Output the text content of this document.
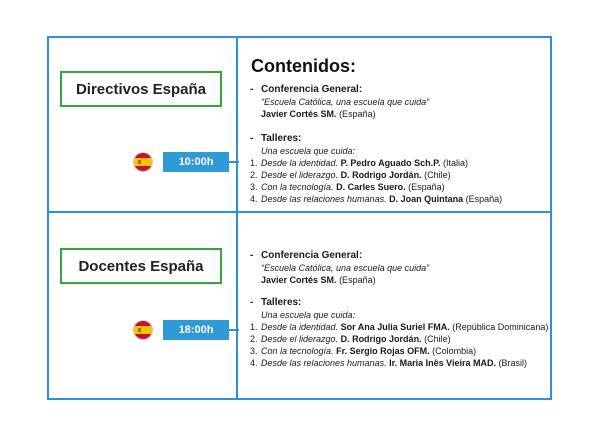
Directivos España
10:00h
Contenidos:
- Conferencia General:
“Escuela Católica, una escuela que cuida”
Javier Cortés SM. (España)
- Talleres:
Una escuela que cuida:
1. Desde la identidad. P. Pedro Aguado Sch.P. (Italia)
2. Desde el liderazgo. D. Rodrigo Jordán. (Chile)
3. Con la tecnología. D. Carles Suero. (España)
4. Desde las relaciones humanas. D. Joan Quintana (España)
Docentes España
18:00h
- Conferencia General:
“Escuela Católica, una escuela que cuida”
Javier Cortés SM. (España)
- Talleres:
Una escuela que cuida:
1. Desde la identidad. Sor Ana Julia Suriel FMA. (República Dominicana)
2. Desde el liderazgo. D. Rodrigo Jordán. (Chile)
3. Con la tecnología. Fr. Sergio Rojas OFM. (Colombia)
4. Desde las relaciones humanas. Ir. Maria Inês Vieira MAD. (Brasil)
